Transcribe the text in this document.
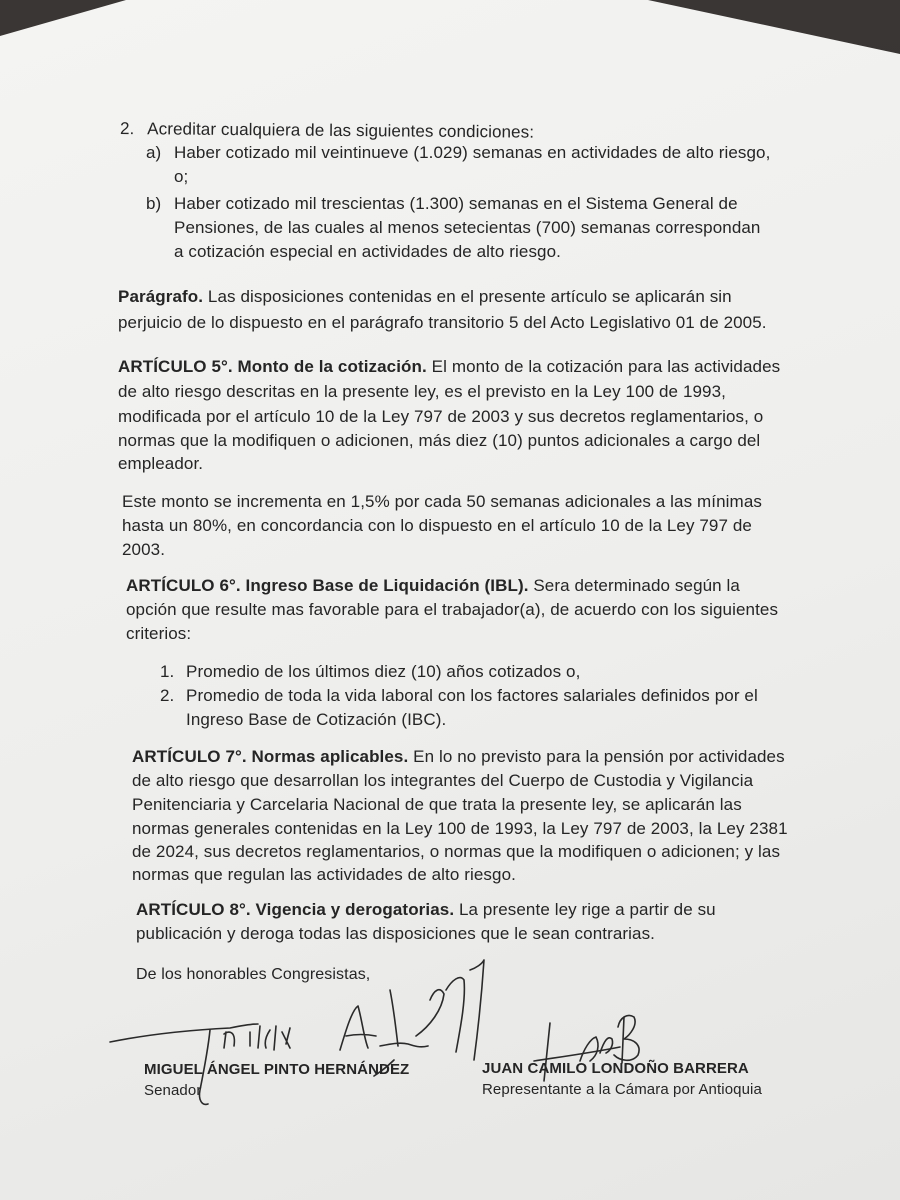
2. Acreditar cualquiera de las siguientes condiciones:
a) Haber cotizado mil veintinueve (1.029) semanas en actividades de alto riesgo,
o;
b) Haber cotizado mil trescientas (1.300) semanas en el Sistema General de
Pensiones, de las cuales al menos setecientas (700) semanas correspondan
a cotización especial en actividades de alto riesgo.
Parágrafo. Las disposiciones contenidas en el presente artículo se aplicarán sin
perjuicio de lo dispuesto en el parágrafo transitorio 5 del Acto Legislativo 01 de 2005.
ARTÍCULO 5°. Monto de la cotización. El monto de la cotización para las actividades
de alto riesgo descritas en la presente ley, es el previsto en la Ley 100 de 1993,
modificada por el artículo 10 de la Ley 797 de 2003 y sus decretos reglamentarios, o
normas que la modifiquen o adicionen, más diez (10) puntos adicionales a cargo del
empleador.
Este monto se incrementa en 1,5% por cada 50 semanas adicionales a las mínimas
hasta un 80%, en concordancia con lo dispuesto en el artículo 10 de la Ley 797 de
2003.
ARTÍCULO 6°. Ingreso Base de Liquidación (IBL). Sera determinado según la
opción que resulte mas favorable para el trabajador(a), de acuerdo con los siguientes
criterios:
1. Promedio de los últimos diez (10) años cotizados o,
2. Promedio de toda la vida laboral con los factores salariales definidos por el
Ingreso Base de Cotización (IBC).
ARTÍCULO 7°. Normas aplicables. En lo no previsto para la pensión por actividades
de alto riesgo que desarrollan los integrantes del Cuerpo de Custodia y Vigilancia
Penitenciaria y Carcelaria Nacional de que trata la presente ley, se aplicarán las
normas generales contenidas en la Ley 100 de 1993, la Ley 797 de 2003, la Ley 2381
de 2024, sus decretos reglamentarios, o normas que la modifiquen o adicionen; y las
normas que regulan las actividades de alto riesgo.
ARTÍCULO 8°. Vigencia y derogatorias. La presente ley rige a partir de su
publicación y deroga todas las disposiciones que le sean contrarias.
De los honorables Congresistas,
MIGUEL ÁNGEL PINTO HERNÁNDEZ
Senador
JUAN CAMILO LONDOÑO BARRERA
Representante a la Cámara por Antioquia
